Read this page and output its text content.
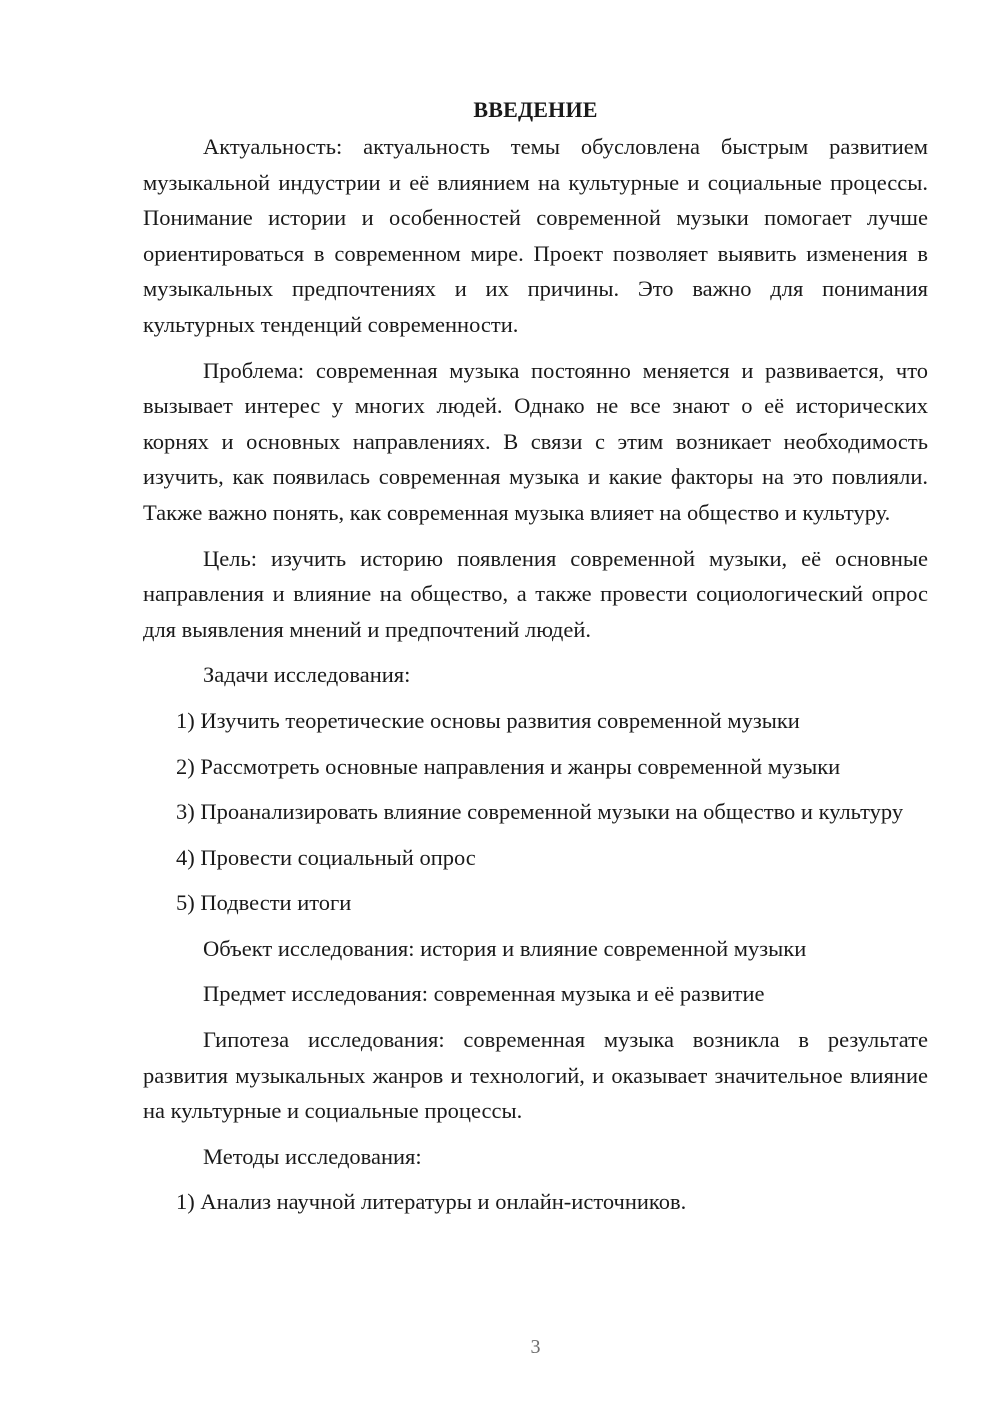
ВВЕДЕНИЕ

Актуальность: актуальность темы обусловлена быстрым развитием музыкальной индустрии и её влиянием на культурные и социальные процессы. Понимание истории и особенностей современной музыки помогает лучше ориентироваться в современном мире. Проект позволяет выявить изменения в музыкальных предпочтениях и их причины. Это важно для понимания культурных тенденций современности.

Проблема: современная музыка постоянно меняется и развивается, что вызывает интерес у многих людей. Однако не все знают о её исторических корнях и основных направлениях. В связи с этим возникает необходимость изучить, как появилась современная музыка и какие факторы на это повлияли. Также важно понять, как современная музыка влияет на общество и культуру.

Цель: изучить историю появления современной музыки, её основные направления и влияние на общество, а также провести социологический опрос для выявления мнений и предпочтений людей.

Задачи исследования:

1) Изучить теоретические основы развития современной музыки

2) Рассмотреть основные направления и жанры современной музыки

3) Проанализировать влияние современной музыки на общество и культуру

4) Провести социальный опрос

5) Подвести итоги

Объект исследования: история и влияние современной музыки

Предмет исследования: современная музыка и её развитие

Гипотеза исследования: современная музыка возникла в результате развития музыкальных жанров и технологий, и оказывает значительное влияние на культурные и социальные процессы.

Методы исследования:

1) Анализ научной литературы и онлайн-источников.

3
